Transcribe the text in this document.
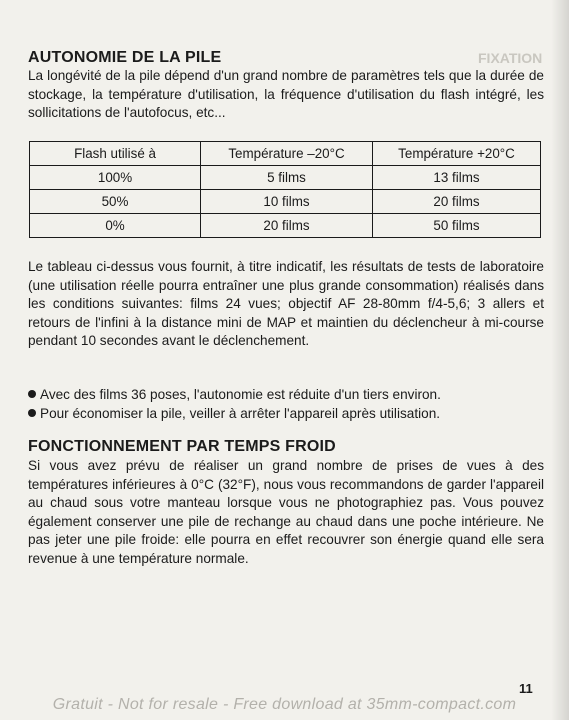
FIXATION
AUTONOMIE DE LA PILE

La longévité de la pile dépend d'un grand nombre de paramètres tels que la durée de stockage, la température d'utilisation, la fréquence d'utilisation du flash intégré, les sollicitations de l'autofocus, etc...

Flash utilisé à	Température –20°C	Température +20°C
100%	5 films	13 films
50%	10 films	20 films
0%	20 films	50 films

Le tableau ci-dessus vous fournit, à titre indicatif, les résultats de tests de laboratoire (une utilisation réelle pourra entraîner une plus grande consommation) réalisés dans les conditions suivantes: films 24 vues; objectif AF 28-80mm f/4-5,6; 3 allers et retours de l'infini à la distance mini de MAP et maintien du déclencheur à mi-course pendant 10 secondes avant le déclenchement.

Avec des films 36 poses, l'autonomie est réduite d'un tiers environ.
Pour économiser la pile, veiller à arrêter l'appareil après utilisation.
FONCTIONNEMENT PAR TEMPS FROID

Si vous avez prévu de réaliser un grand nombre de prises de vues à des températures inférieures à 0°C (32°F), nous vous recommandons de garder l'appareil au chaud sous votre manteau lorsque vous ne photographiez pas. Vous pouvez également conserver une pile de rechange au chaud dans une poche intérieure. Ne pas jeter une pile froide: elle pourra en effet recouvrer son énergie quand elle sera revenue à une température normale.

11
Gratuit - Not for resale - Free download at 35mm-compact.com
